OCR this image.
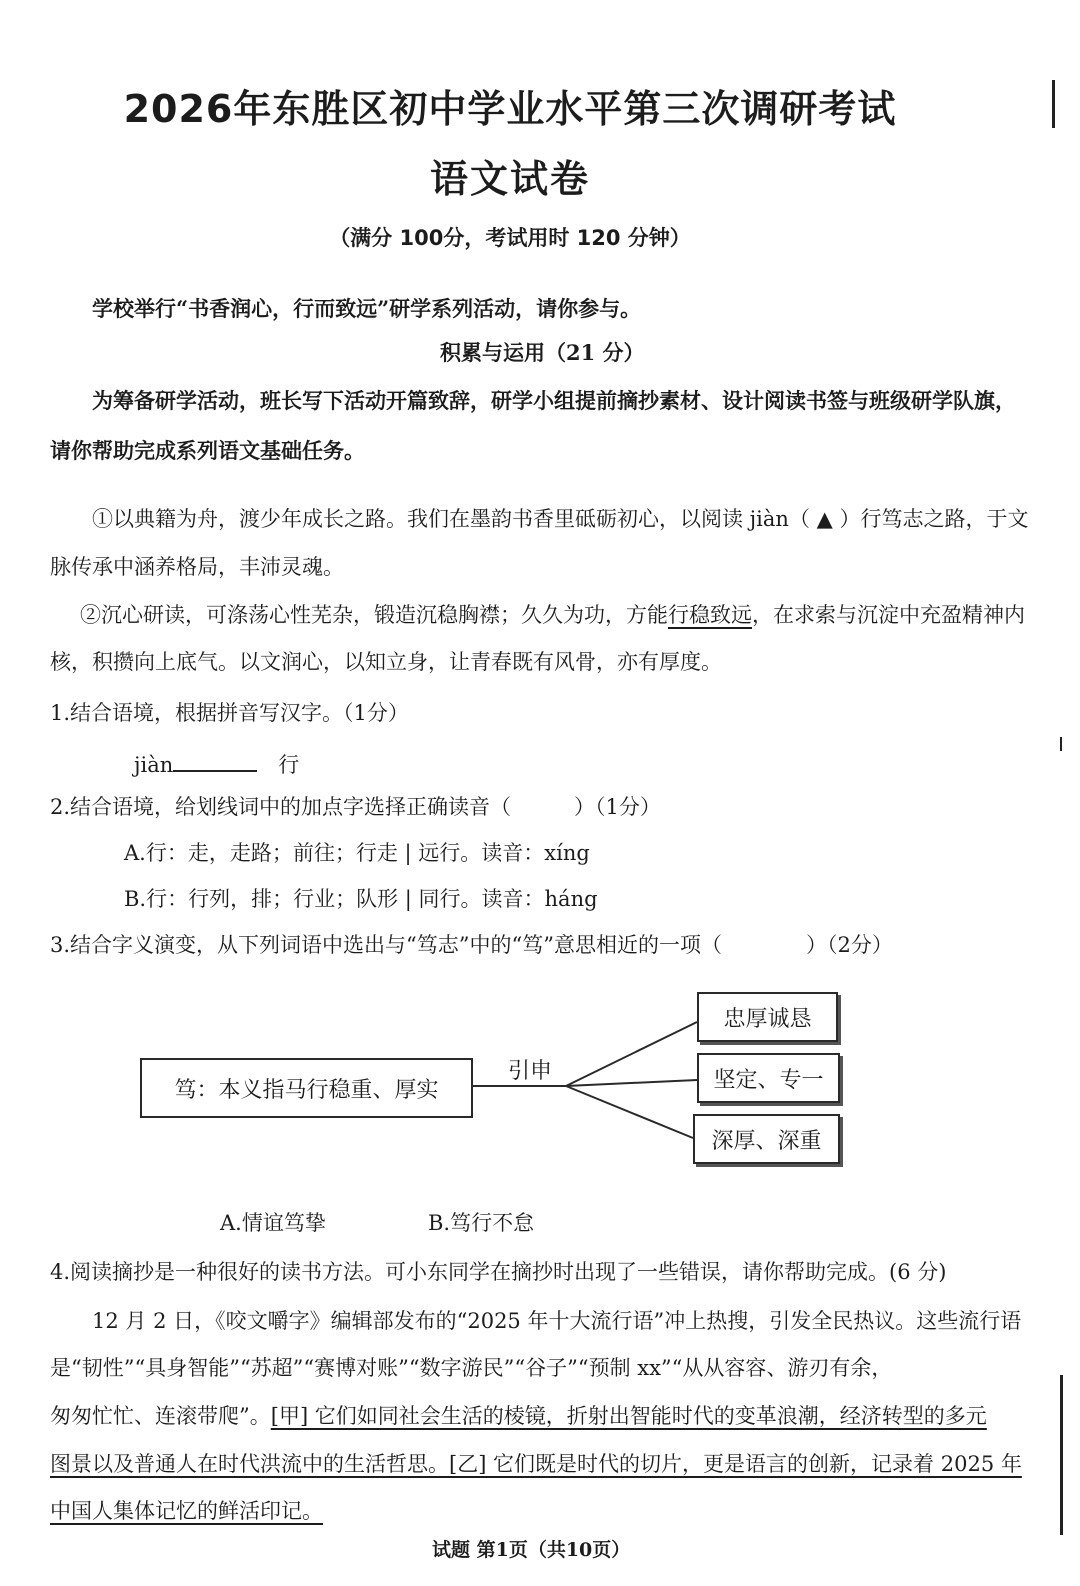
2026年东胜区初中学业水平第三次调研考试
语文试卷
（满分 100分，考试用时 120 分钟）
学校举行“书香润心，行而致远”研学系列活动，请你参与。
积累与运用（21 分）
为筹备研学活动，班长写下活动开篇致辞，研学小组提前摘抄素材、设计阅读书签与班级研学队旗，
请你帮助完成系列语文基础任务。
①以典籍为舟，渡少年成长之路。我们在墨韵书香里砥砺初心，以阅读 jiàn（ ▲ ）行笃志之路，于文
脉传承中涵养格局，丰沛灵魂。
②沉心研读，可涤荡心性芜杂，锻造沉稳胸襟；久久为功，方能行稳致远，在求索与沉淀中充盈精神内
核，积攒向上底气。以文润心，以知立身，让青春既有风骨，亦有厚度。
1.结合语境，根据拼音写汉字。（1分）
jiàn　	行
2.结合语境，给划线词中的加点字选择正确读音（　　　）（1分）
A.行：走，走路；前往；行走 | 远行。读音：xíng
B.行：行列，排；行业；队形 | 同行。读音：háng
3.结合字义演变，从下列词语中选出与“笃志”中的“笃”意思相近的一项（　　　　）（2分）
笃：本义指马行稳重、厚实
引申
忠厚诚恳
坚定、专一
深厚、深重
A.情谊笃挚	B.笃行不怠
4.阅读摘抄是一种很好的读书方法。可小东同学在摘抄时出现了一些错误，请你帮助完成。(6 分)
12 月 2 日，《咬文嚼字》编辑部发布的“2025 年十大流行语”冲上热搜，引发全民热议。这些流行语
是“韧性”“具身智能”“苏超”“赛博对账”“数字游民”“谷子”“预制 xx”“从从容容、游刃有余，
匆匆忙忙、连滚带爬”。[甲] 它们如同社会生活的棱镜，折射出智能时代的变革浪潮，经济转型的多元
图景以及普通人在时代洪流中的生活哲思。[乙] 它们既是时代的切片，更是语言的创新，记录着 2025 年
中国人集体记忆的鲜活印记。
试题 第1页（共10页）
